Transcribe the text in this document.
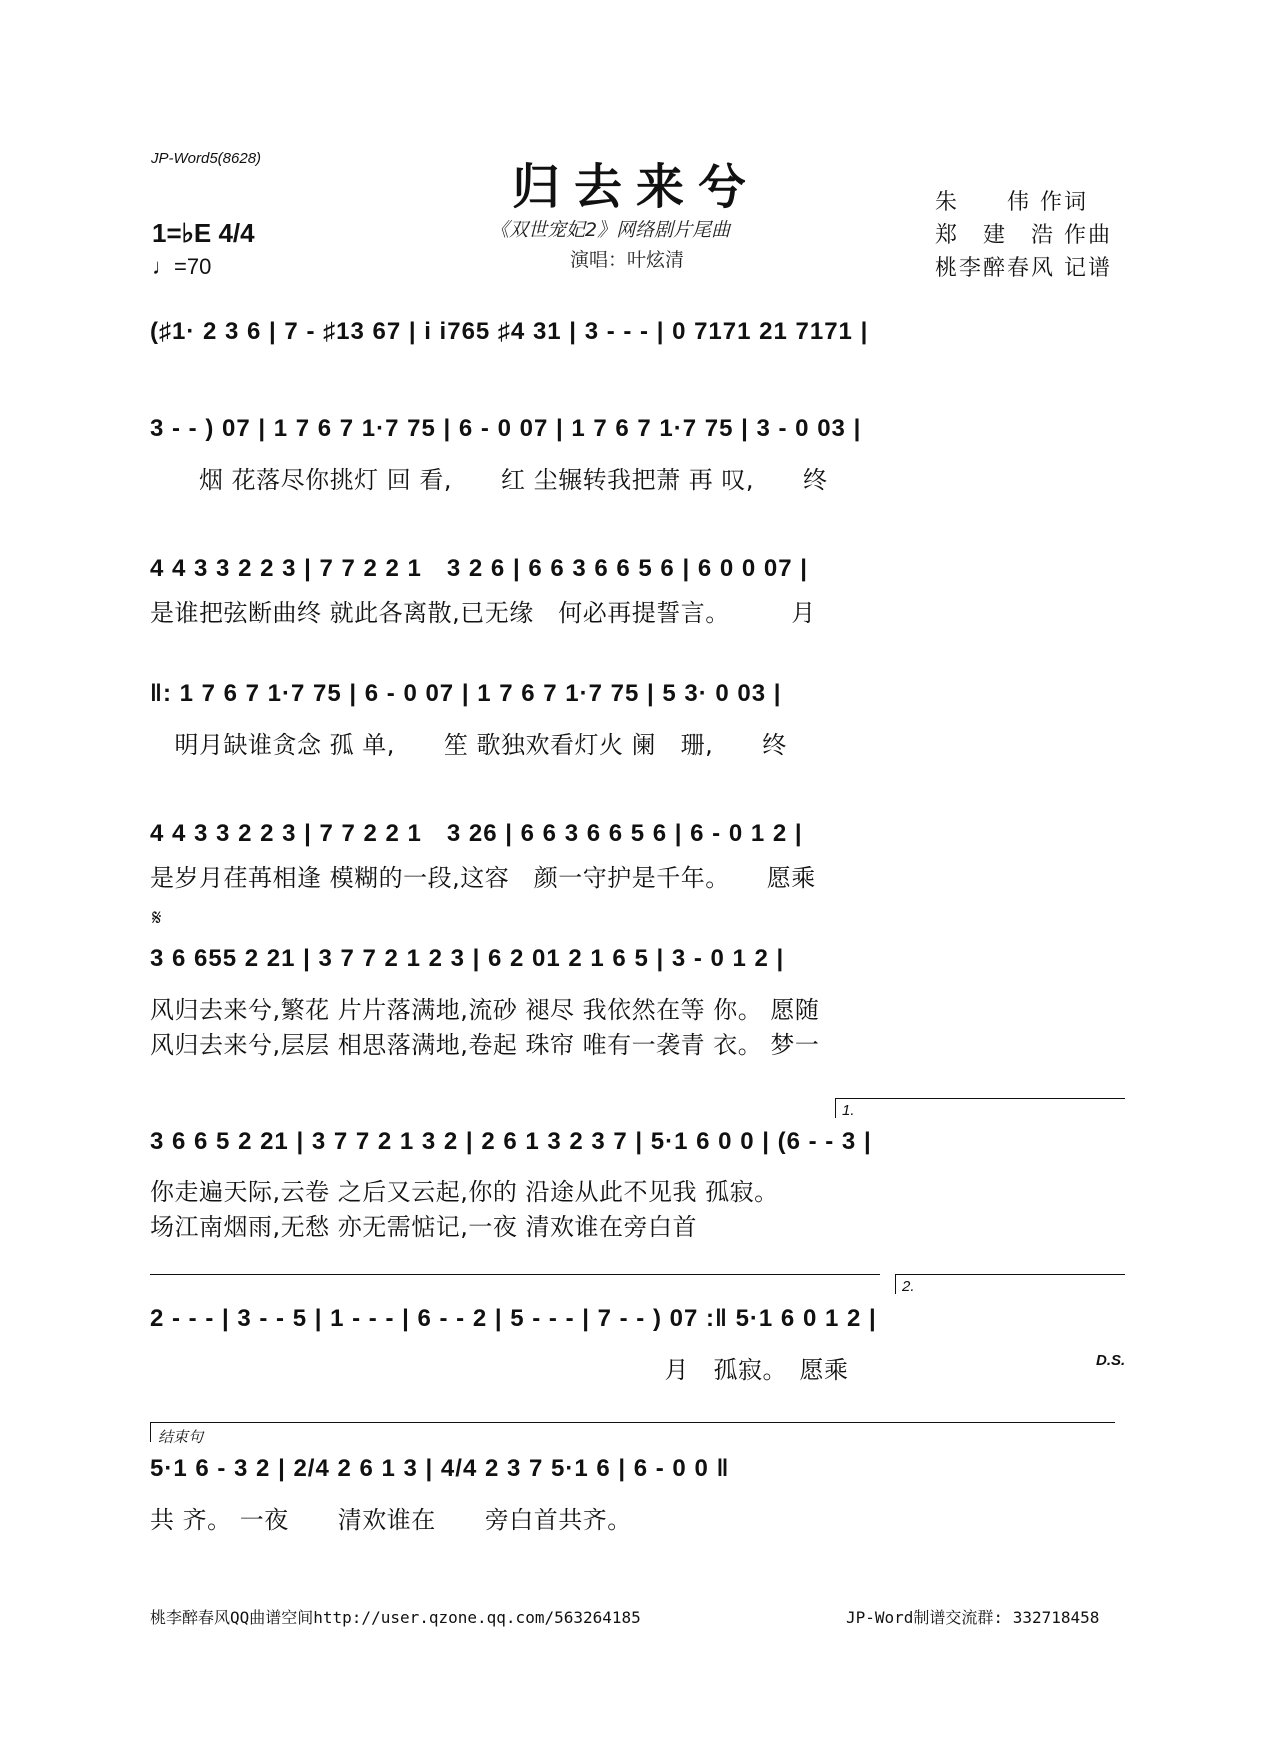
JP-Word5(8628)
归去来兮
《双世宠妃2》网络剧片尾曲
演唱：叶炫清
朱　　伟 作词
郑　建　浩 作曲
桃李醉春风 记谱
1=♭E 4/4
♩=70
(♯1· 2 3 6 | 7 - ♯13 67 | i i765 ♯4 31 | 3 - - - | 0 7171 21 7171 |
3 - - ) 07 | 1 7 6 7 1·7 75 | 6 - 0 07 | 1 7 6 7 1·7 75 | 3 - 0 03 |
　　烟 花落尽你挑灯 回 看,　　红 尘辗转我把萧 再 叹,　　终
4 4 3 3 2 2 3 | 7 7 2 2 1　3 2 6 | 6 6 3 6 6 5 6 | 6 0 0 07 |
是谁把弦断曲终 就此各离散,已无缘　何必再提誓言。　　　月
‖: 1 7 6 7 1·7 75 | 6 - 0 07 | 1 7 6 7 1·7 75 | 5 3· 0 03 |
　明月缺谁贪念 孤 单,　　笙 歌独欢看灯火 阑　珊,　　终
4 4 3 3 2 2 3 | 7 7 2 2 1　3 26 | 6 6 3 6 6 5 6 | 6 - 0 1 2 |
是岁月荏苒相逢 模糊的一段,这容　颜一守护是千年。　　愿乘
𝄋
3 6 655 2 21 | 3 7 7 2 1 2 3 | 6 2 01 2 1 6 5 | 3 - 0 1 2 |
风归去来兮,繁花 片片落满地,流砂 褪尽 我依然在等 你。 愿随
风归去来兮,层层 相思落满地,卷起 珠帘 唯有一袭青 衣。 梦一
1.
3 6 6 5 2 21 | 3 7 7 2 1 3 2 | 2 6 1 3 2 3 7 | 5·1 6 0 0 | (6 - - 3 |
你走遍天际,云卷 之后又云起,你的 沿途从此不见我 孤寂。
场江南烟雨,无愁 亦无需惦记,一夜 清欢谁在旁白首
2.
2 - - - | 3 - - 5 | 1 - - - | 6 - - 2 | 5 - - - | 7 - - ) 07 :‖ 5·1 6 0 1 2 |
　　　　　　　　　　　　　　　　　　　　　月　孤寂。　愿乘	D.S.
结束句
5·1 6 - 3 2 | 2/4 2 6 1 3 | 4/4 2 3 7 5·1 6 | 6 - 0 0 ‖
共 齐。 一夜　　清欢谁在　　旁白首共齐。
桃李醉春风QQ曲谱空间http://user.qzone.qq.com/563264185	JP-Word制谱交流群: 332718458
